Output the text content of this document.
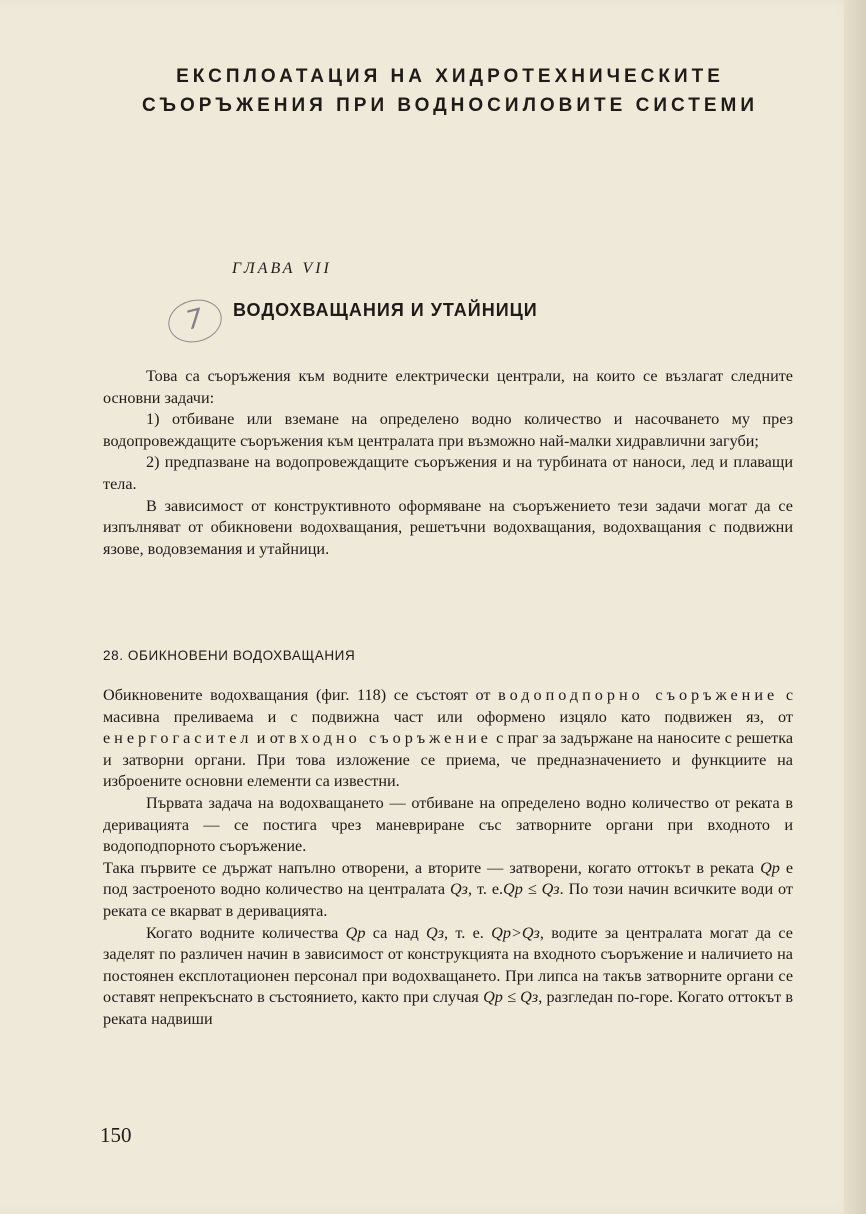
ЕКСПЛОАТАЦИЯ НА ХИДРОТЕХНИЧЕСКИТЕ
СЪОРЪЖЕНИЯ ПРИ ВОДНОСИЛОВИТЕ СИСТЕМИ
ГЛАВА VII
7	ВОДОХВАЩАНИЯ И УТАЙНИЦИ

Това са съоръжения към водните електрически централи, на които се възлагат следните основни задачи:

1) отбиване или вземане на определено водно количество и насочването му през водопровеждащите съоръжения към централата при възможно най-малки хидравлични загуби;

2) предпазване на водопровеждащите съоръжения и на турбината от наноси, лед и плаващи тела.

В зависимост от конструктивното оформяване на съоръжението тези задачи могат да се изпълняват от обикновени водохващания, решетъчни водохващания, водохващания с подвижни язове, водовземания и утайници.

28. ОБИКНОВЕНИ ВОДОХВАЩАНИЯ

Обикновените водохващания (фиг. 118) се състоят от водоподпорно съоръжение с масивна преливаема и с подвижна част или оформено изцяло като подвижен яз, от енергогасител и от входно съоръжение с праг за задържане на наносите с решетка и затворни органи. При това изложение се приема, че предназначението и функциите на изброените основни елементи са известни.

Първата задача на водохващането — отбиване на определено водно количество от реката в деривацията — се постига чрез маневриране със затворните органи при входното и водоподпорното съоръжение.

Така първите се държат напълно отворени, а вторите — затворени, когато оттокът в реката Qр е под застроеното водно количество на централата Qз, т. е.Qр ≤ Qз. По този начин всичките води от реката се вкарват в деривацията.

Когато водните количества Qр са над Qз, т. е. Qр>Qз, водите за централата могат да се заделят по различен начин в зависимост от конструкцията на входното съоръжение и наличието на постоянен експлотационен персонал при водохващането. При липса на такъв затворните органи се оставят непрекъснато в състоянието, както при случая Qр ≤ Qз, разгледан по-горе. Когато оттокът в реката надвиши

150
